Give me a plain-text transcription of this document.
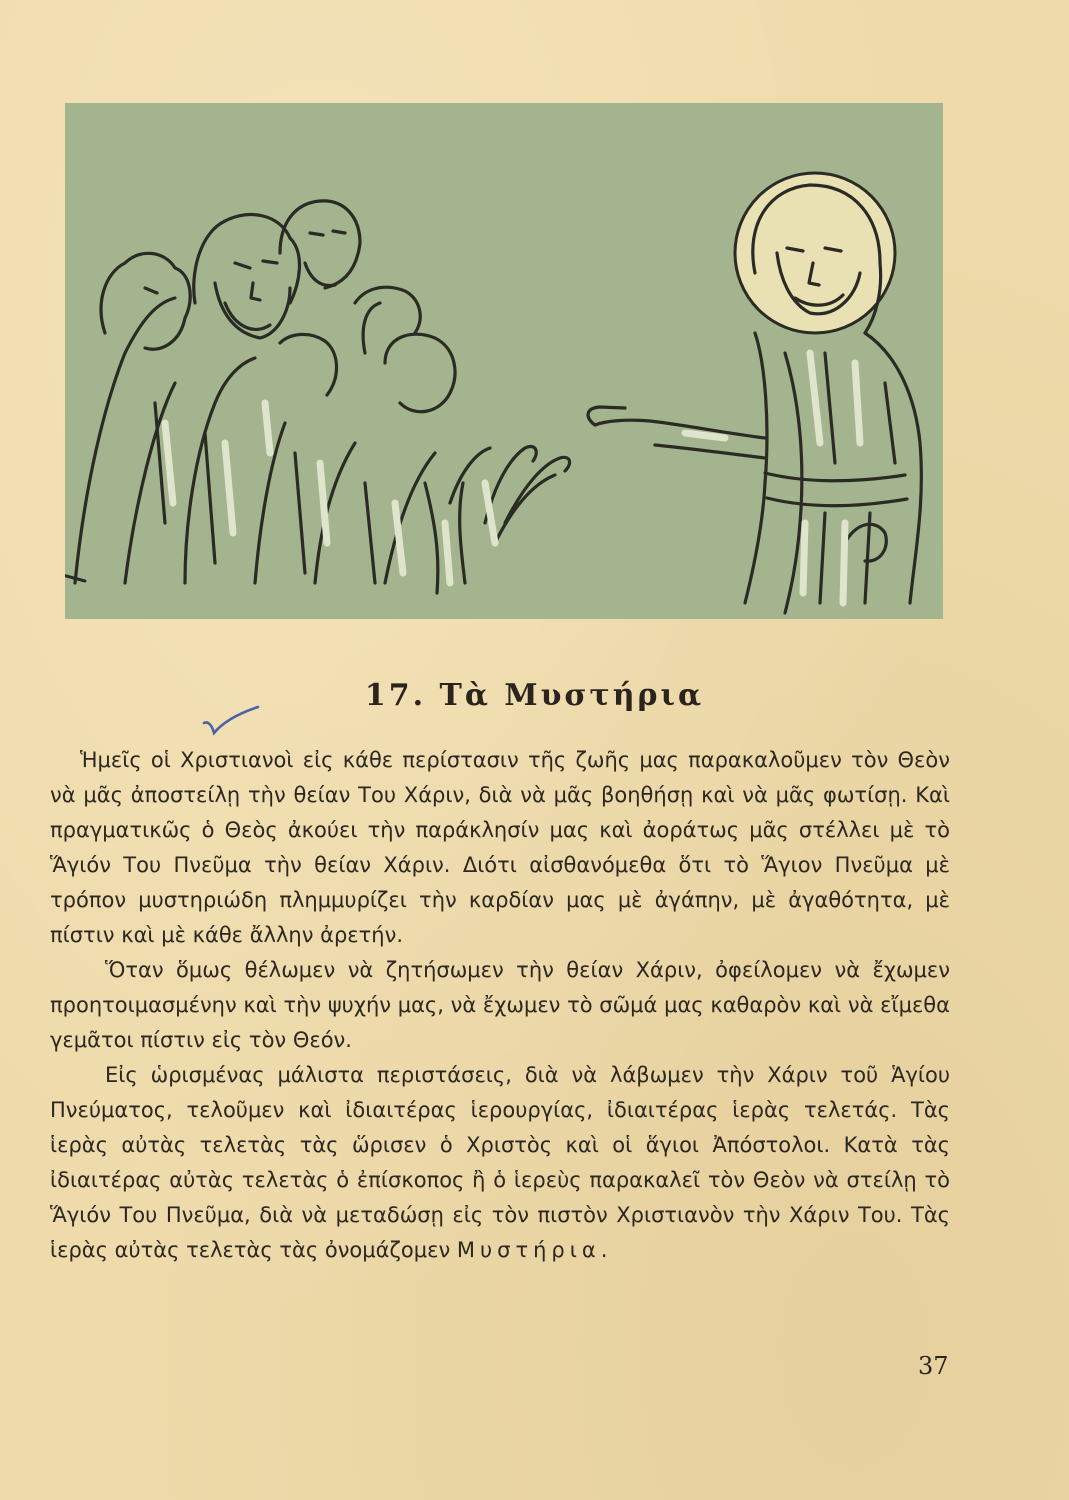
17. Τὰ Μυστήρια

Ἡμεῖς οἱ Χριστιανοὶ εἰς κάθε περίστασιν τῆς ζωῆς μας παρακαλοῦμεν τὸν Θεὸν νὰ μᾶς ἀποστείλῃ τὴν θείαν Του Χάριν, διὰ νὰ μᾶς βοηθήσῃ καὶ νὰ μᾶς φωτίσῃ. Καὶ πραγματικῶς ὁ Θεὸς ἀκούει τὴν παράκλησίν μας καὶ ἀοράτως μᾶς στέλλει μὲ τὸ Ἅγιόν Του Πνεῦμα τὴν θείαν Χάριν. Διότι αἰσθανόμεθα ὅτι τὸ Ἅγιον Πνεῦμα μὲ τρόπον μυστηριώδη πλημμυρίζει τὴν καρδίαν μας μὲ ἀγάπην, μὲ ἀγαθότητα, μὲ πίστιν καὶ μὲ κάθε ἄλλην ἀρετήν.

Ὅταν ὅμως θέλωμεν νὰ ζητήσωμεν τὴν θείαν Χάριν, ὀφείλομεν νὰ ἔχωμεν προητοιμασμένην καὶ τὴν ψυχήν μας, νὰ ἔχωμεν τὸ σῶμά μας καθαρὸν καὶ νὰ εἴμεθα γεμᾶτοι πίστιν εἰς τὸν Θεόν.

Εἰς ὡρισμένας μάλιστα περιστάσεις, διὰ νὰ λάβωμεν τὴν Χάριν τοῦ Ἁγίου Πνεύματος, τελοῦμεν καὶ ἰδιαιτέρας ἱερουργίας, ἰδιαιτέρας ἱερὰς τελετάς. Τὰς ἱερὰς αὐτὰς τελετὰς τὰς ὥρισεν ὁ Χριστὸς καὶ οἱ ἅγιοι Ἀπόστολοι. Κατὰ τὰς ἰδιαιτέρας αὐτὰς τελετὰς ὁ ἐπίσκοπος ἢ ὁ ἱερεὺς παρακαλεῖ τὸν Θεὸν νὰ στείλῃ τὸ Ἅγιόν Του Πνεῦμα, διὰ νὰ μεταδώσῃ εἰς τὸν πιστὸν Χριστιανὸν τὴν Χάριν Του. Τὰς ἱερὰς αὐτὰς τελετὰς τὰς ὀνομάζομεν Μυστήρια.

37
